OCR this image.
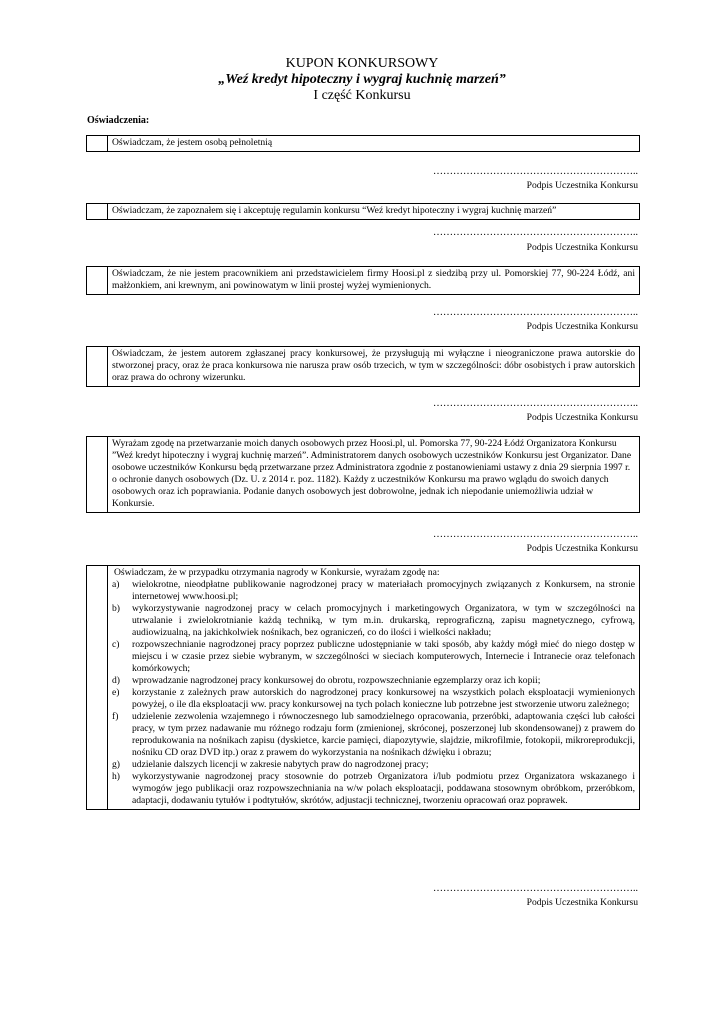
KUPON KONKURSOWY
„Weź kredyt hipoteczny i wygraj kuchnię marzeń”
I część Konkursu
Oświadczenia:
	Oświadczam, że jestem osobą pełnoletnią
……………………………………………………..
Podpis Uczestnika Konkursu
	Oświadczam, że zapoznałem się i akceptuję regulamin konkursu “Weź kredyt hipoteczny i wygraj kuchnię marzeń”
……………………………………………………..
Podpis Uczestnika Konkursu
	Oświadczam, że nie jestem pracownikiem ani przedstawicielem firmy Hoosi.pl z siedzibą przy ul. Pomorskiej 77, 90-224 Łódź, ani małżonkiem, ani krewnym, ani powinowatym w linii prostej wyżej wymienionych.
……………………………………………………..
Podpis Uczestnika Konkursu
	Oświadczam, że jestem autorem zgłaszanej pracy konkursowej, że przysługują mi wyłączne i nieograniczone prawa autorskie do stworzonej pracy, oraz że praca konkursowa nie narusza praw osób trzecich, w tym w szczególności: dóbr osobistych i praw autorskich oraz prawa do ochrony wizerunku.
……………………………………………………..
Podpis Uczestnika Konkursu
	Wyrażam zgodę na przetwarzanie moich danych osobowych przez Hoosi.pl, ul. Pomorska 77, 90-224 Łódź Organizatora Konkursu ”Weź kredyt hipoteczny i wygraj kuchnię marzeń”. Administratorem danych osobowych uczestników Konkursu jest Organizator. Dane osobowe uczestników Konkursu będą przetwarzane przez Administratora zgodnie z postanowieniami ustawy z dnia 29 sierpnia 1997 r. o ochronie danych osobowych (Dz. U. z 2014 r. poz. 1182). Każdy z uczestników Konkursu ma prawo wglądu do swoich danych osobowych oraz ich poprawiania. Podanie danych osobowych jest dobrowolne, jednak ich niepodanie uniemożliwia udział w Konkursie.
……………………………………………………..
Podpis Uczestnika Konkursu

Oświadczam, że w przypadku otrzymania nagrody w Konkursie, wyrażam zgodę na:
a)	wielokrotne, nieodpłatne publikowanie nagrodzonej pracy w materiałach promocyjnych związanych z Konkursem, na stronie internetowej www.hoosi.pl;
b)	wykorzystywanie nagrodzonej pracy w celach promocyjnych i marketingowych Organizatora, w tym w szczególności na utrwalanie i zwielokrotnianie każdą techniką, w tym m.in. drukarską, reprograficzną, zapisu magnetycznego, cyfrową, audiowizualną, na jakichkolwiek nośnikach, bez ograniczeń, co do ilości i wielkości nakładu;
c)	rozpowszechnianie nagrodzonej pracy poprzez publiczne udostępnianie w taki sposób, aby każdy mógł mieć do niego dostęp w miejscu i w czasie przez siebie wybranym, w szczególności w sieciach komputerowych, Internecie i Intranecie oraz telefonach komórkowych;
d)	wprowadzanie nagrodzonej pracy konkursowej do obrotu, rozpowszechnianie egzemplarzy oraz ich kopii;
e)	korzystanie z zależnych praw autorskich do nagrodzonej pracy konkursowej na wszystkich polach eksploatacji wymienionych powyżej, o ile dla eksploatacji ww. pracy konkursowej na tych polach konieczne lub potrzebne jest stworzenie utworu zależnego;
f)	udzielenie zezwolenia wzajemnego i równoczesnego lub samodzielnego opracowania, przeróbki, adaptowania części lub całości pracy, w tym przez nadawanie mu różnego rodzaju form (zmienionej, skróconej, poszerzonej lub skondensowanej) z prawem do reprodukowania na nośnikach zapisu (dyskietce, karcie pamięci, diapozytywie, slajdzie, mikrofilmie, fotokopii, mikroreprodukcji, nośniku CD oraz DVD itp.) oraz z prawem do wykorzystania na nośnikach dźwięku i obrazu;
g)	udzielanie dalszych licencji w zakresie nabytych praw do nagrodzonej pracy;
h)	wykorzystywanie nagrodzonej pracy stosownie do potrzeb Organizatora i/lub podmiotu przez Organizatora wskazanego i wymogów jego publikacji oraz rozpowszechniania na w/w polach eksploatacji, poddawana stosownym obróbkom, przeróbkom, adaptacji, dodawaniu tytułów i podtytułów, skrótów, adjustacji technicznej, tworzeniu opracowań oraz poprawek.
……………………………………………………..
Podpis Uczestnika Konkursu
